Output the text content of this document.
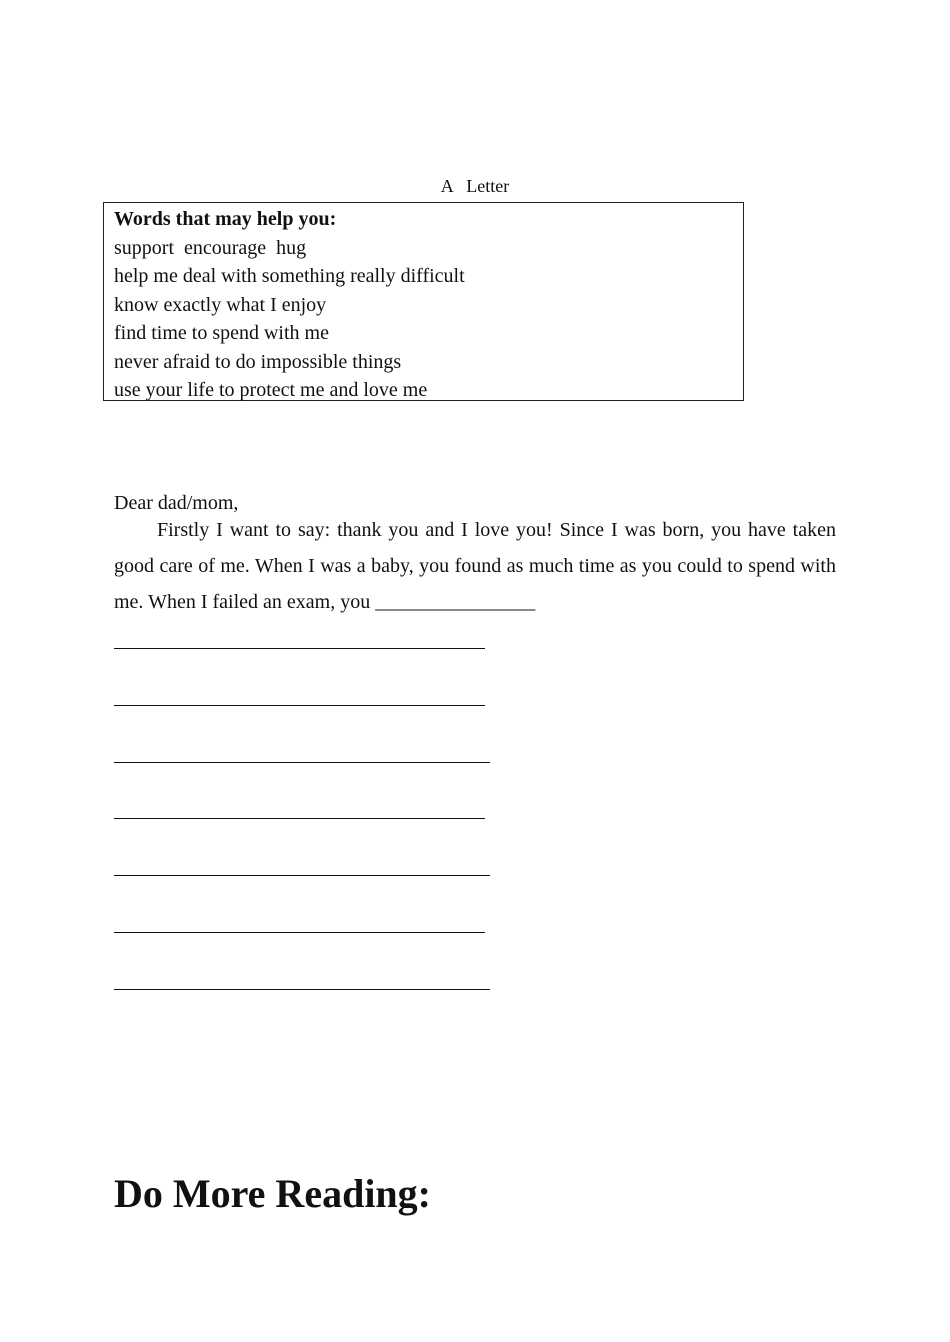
A   Letter
Words that may help you:
support  encourage  hug
help me deal with something really difficult
know exactly what I enjoy
find time to spend with me
never afraid to do impossible things
use your life to protect me and love me
Dear dad/mom,
Firstly I want to say: thank you and I love you! Since I was born, you have taken good care of me. When I was a baby, you found as much time as you could to spend with me. When I failed an exam, you ________________
Do More Reading:
